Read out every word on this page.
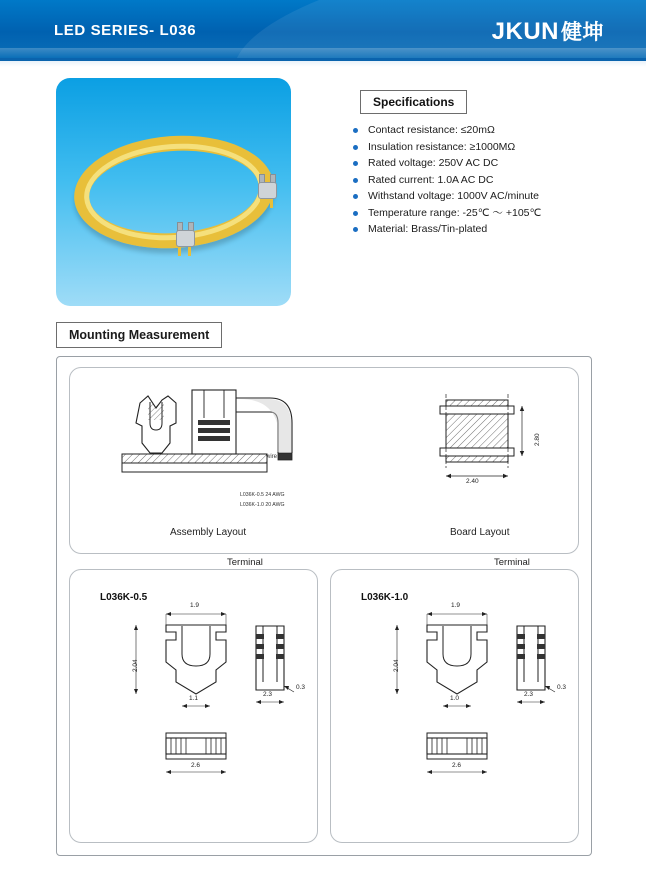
LED SERIES- L036	JKUN 健坤
Specifications
Contact resistance: ≤20mΩ
Insulation resistance: ≥1000MΩ
Rated voltage: 250V AC DC
Rated current: 1.0A AC DC
Withstand voltage: 1000V AC/minute
Temperature range: -25℃ ～ +105℃
Material: Brass/Tin-plated
Mounting Measurement
2.80
2.40
wire
L036K-0.5 24 AWG
L036K-1.0 20 AWG
Assembly Layout	Board Layout
Terminal	Terminal
L036K-0.5
1.9
2.04
1.1
2.3
0.3
2.6
L036K-1.0
1.9
2.04
1.0
2.3
0.3
2.6
